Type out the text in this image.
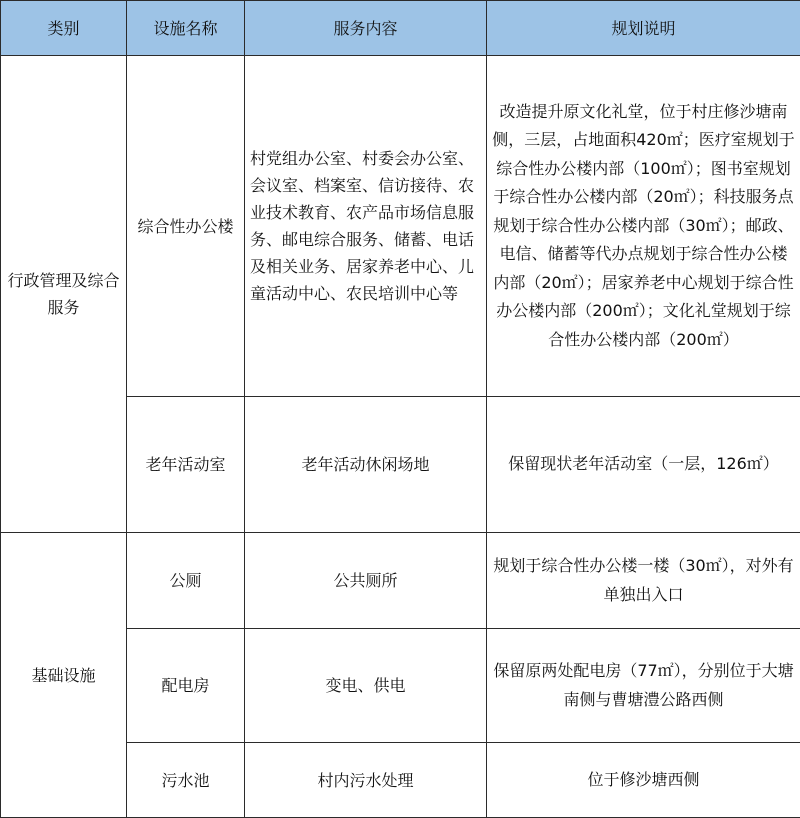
类别	设施名称	服务内容	规划说明
行政管理及综合服务	综合性办公楼	村党组办公室、村委会办公室、会议室、档案室、信访接待、农业技术教育、农产品市场信息服务、邮电综合服务、储蓄、电话及相关业务、居家养老中心、儿童活动中心、农民培训中心等	改造提升原文化礼堂，位于村庄修沙塘南侧，三层，占地面积420㎡；医疗室规划于综合性办公楼内部（100㎡）；图书室规划于综合性办公楼内部（20㎡）；科技服务点规划于综合性办公楼内部（30㎡）；邮政、电信、储蓄等代办点规划于综合性办公楼内部（20㎡）；居家养老中心规划于综合性办公楼内部（200㎡）；文化礼堂规划于综合性办公楼内部（200㎡）
	老年活动室	老年活动休闲场地	保留现状老年活动室（一层，126㎡）
基础设施	公厕	公共厕所	规划于综合性办公楼一楼（30㎡），对外有单独出入口
	配电房	变电、供电	保留原两处配电房（77㎡），分别位于大塘南侧与曹塘澧公路西侧
	污水池	村内污水处理	位于修沙塘西侧
